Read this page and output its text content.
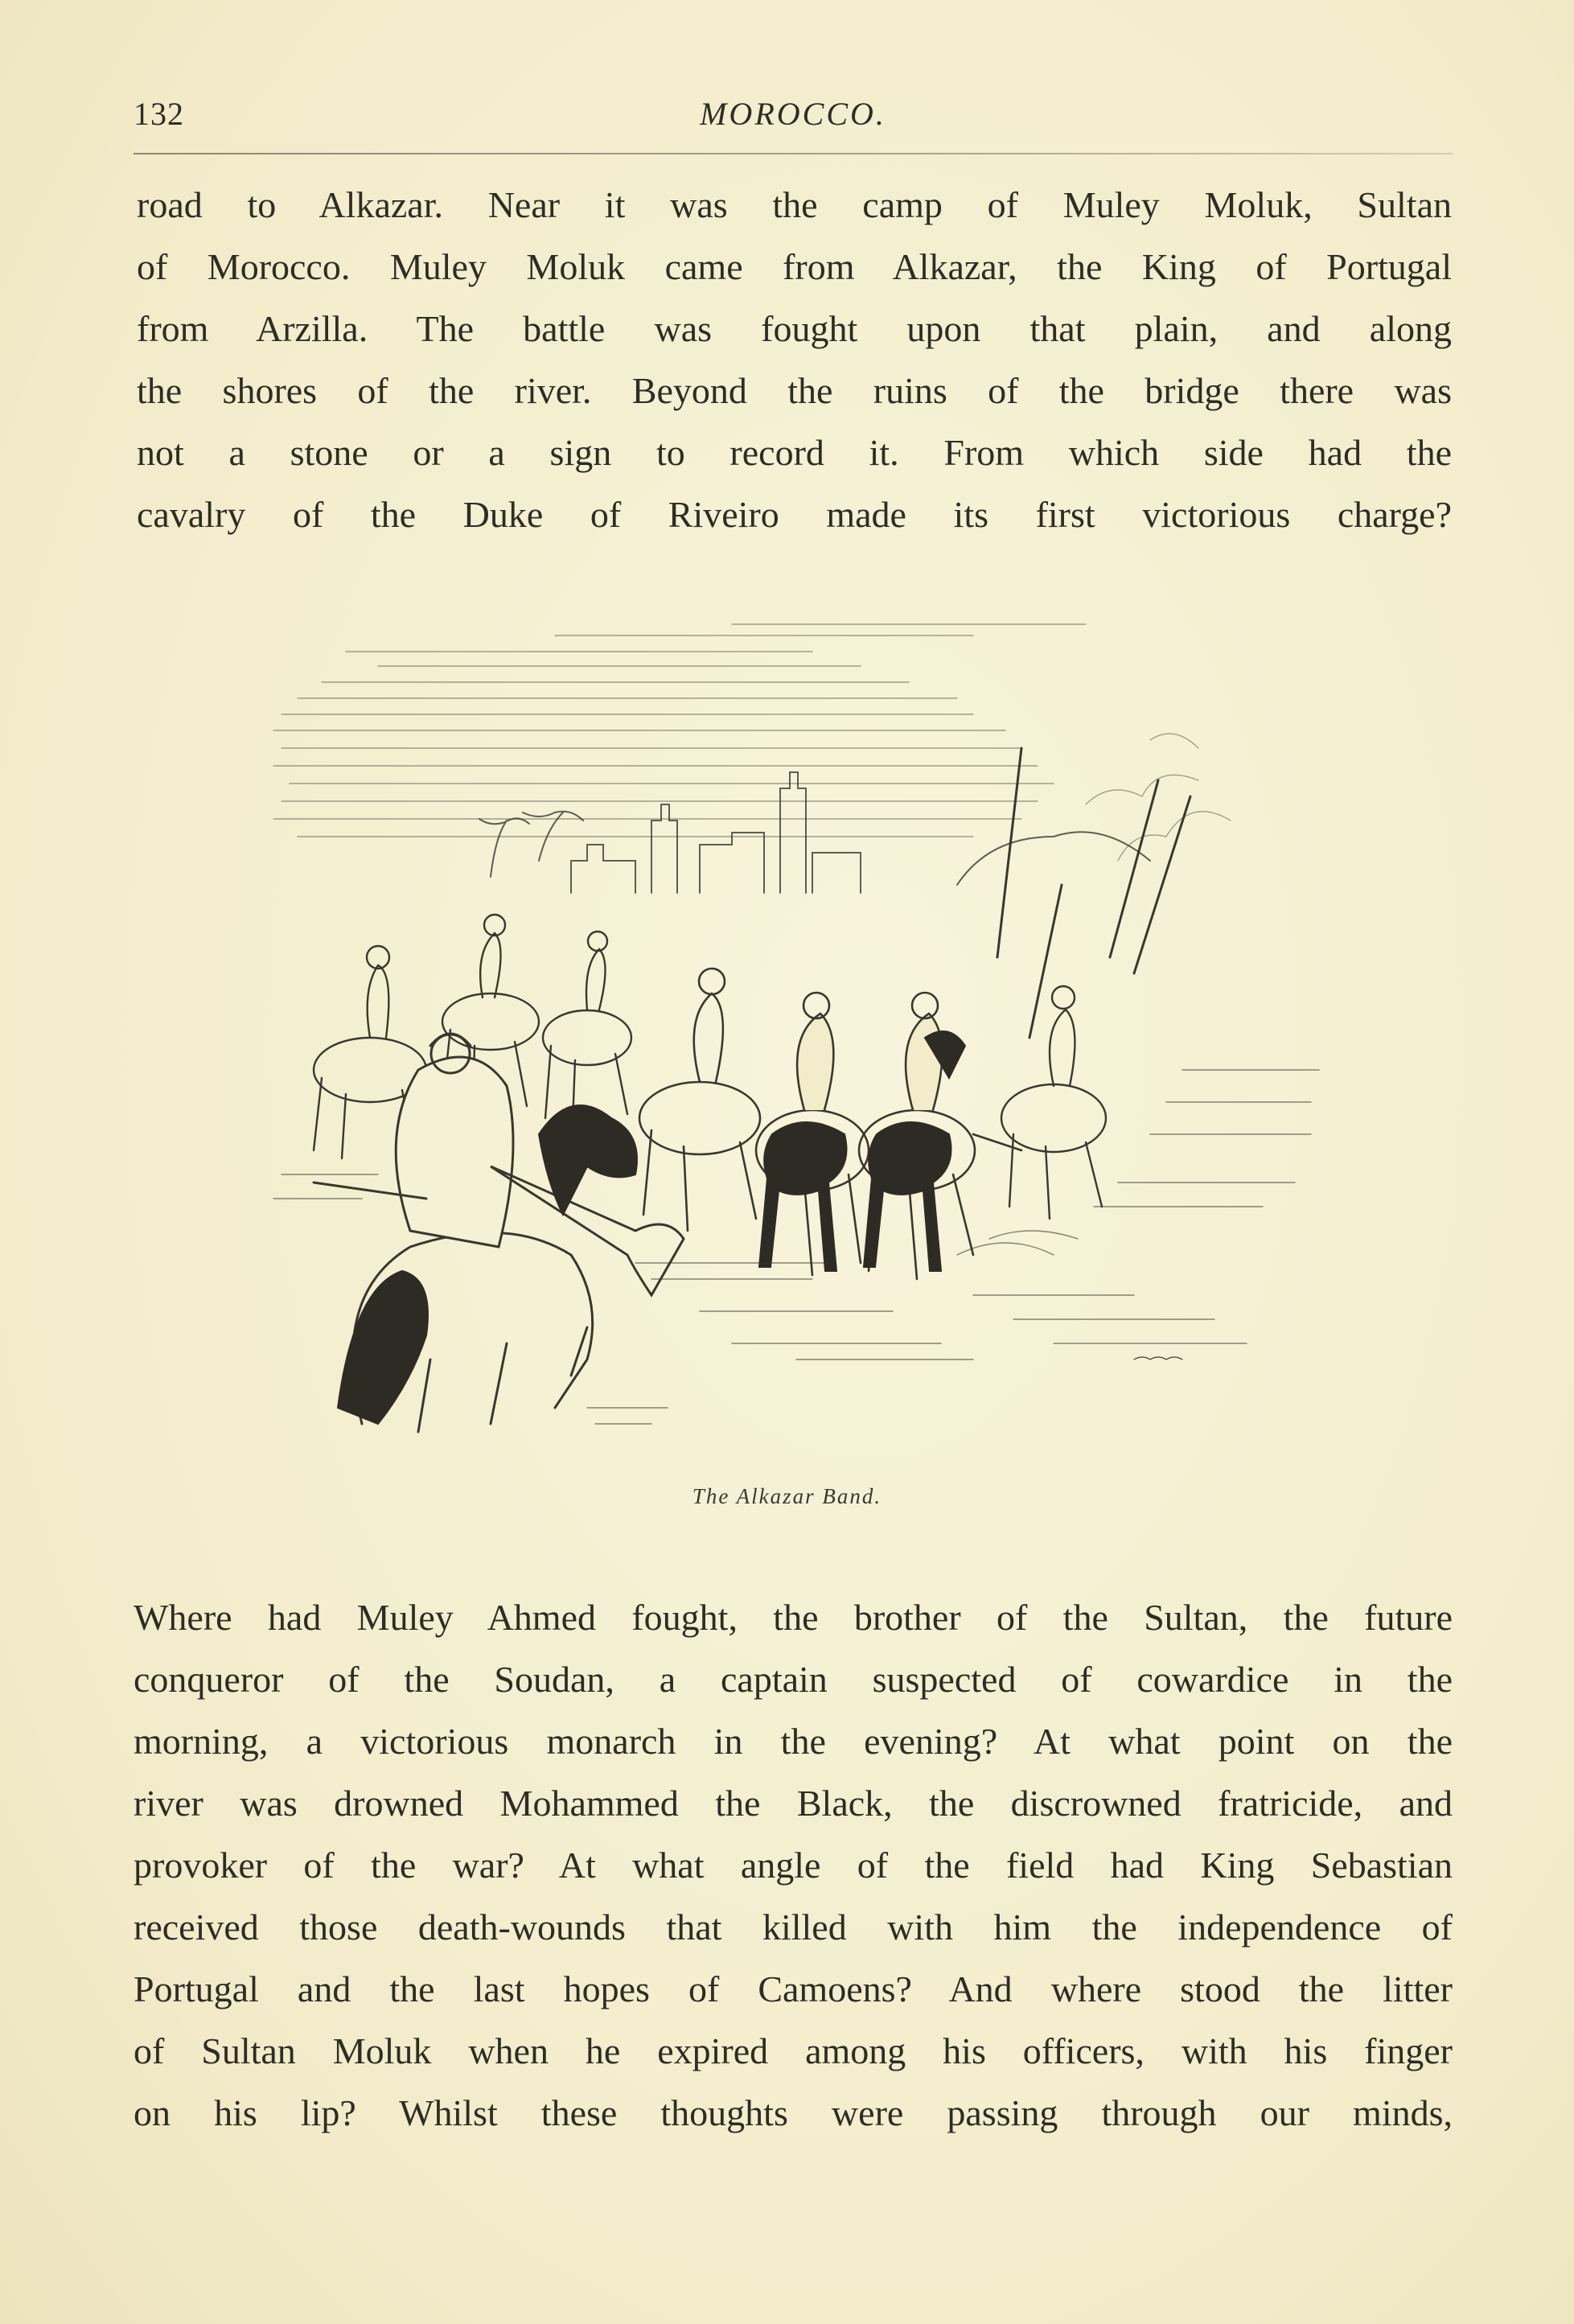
132	MOROCCO.
road to Alkazar. Near it was the camp of Muley Moluk, Sultan
of Morocco. Muley Moluk came from Alkazar, the King of Portugal
from Arzilla. The battle was fought upon that plain, and along
the shores of the river. Beyond the ruins of the bridge there was
not a stone or a sign to record it. From which side had the
cavalry of the Duke of Riveiro made its first victorious charge?
The Alkazar Band.
Where had Muley Ahmed fought, the brother of the Sultan, the future
conqueror of the Soudan, a captain suspected of cowardice in the
morning, a victorious monarch in the evening? At what point on the
river was drowned Mohammed the Black, the discrowned fratricide, and
provoker of the war? At what angle of the field had King Sebastian
received those death-wounds that killed with him the independence of
Portugal and the last hopes of Camoens? And where stood the litter
of Sultan Moluk when he expired among his officers, with his finger
on his lip? Whilst these thoughts were passing through our minds,
